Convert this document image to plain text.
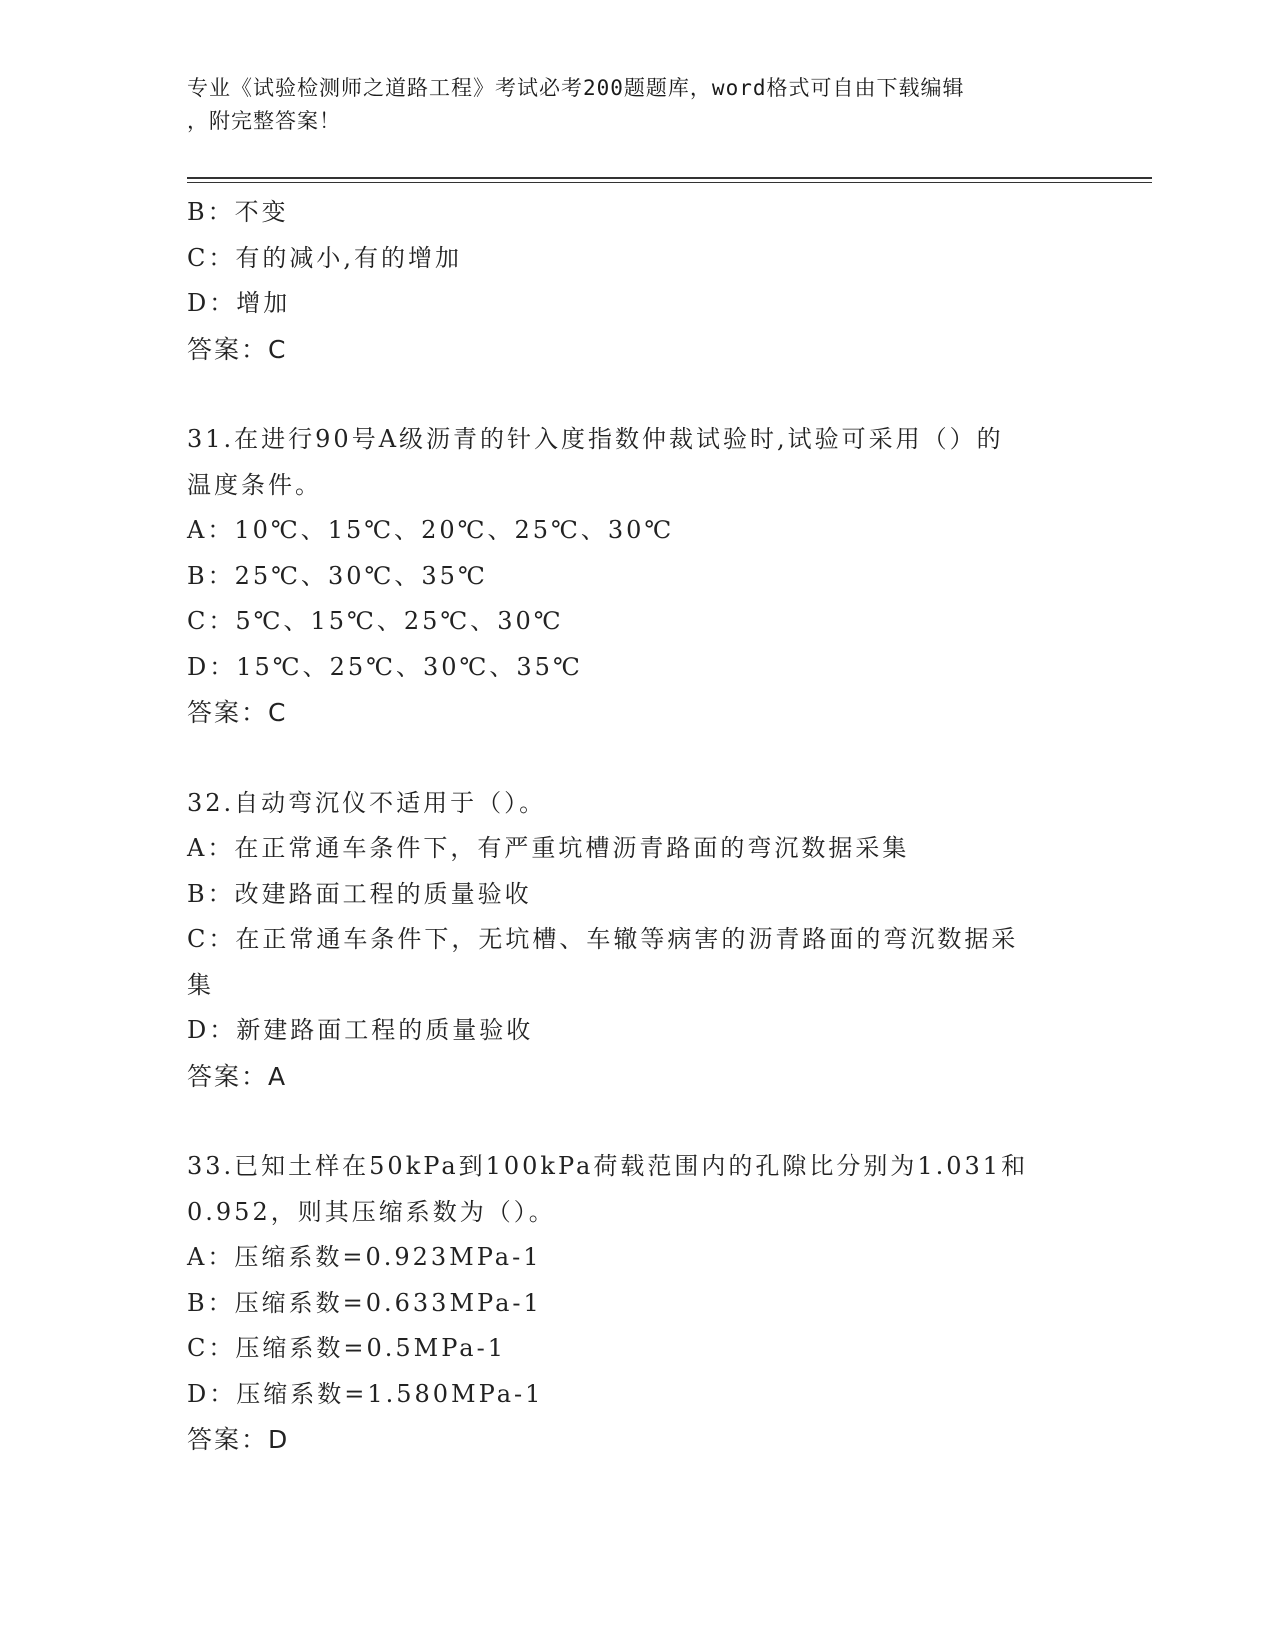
专业《试验检测师之道路工程》考试必考200题题库，word格式可自由下载编辑
，附完整答案！
B：不变
C：有的减小,有的增加
D：增加
答案：C
31.在进行90号A级沥青的针入度指数仲裁试验时,试验可采用（）的
温度条件。
A：10℃、15℃、20℃、25℃、30℃
B：25℃、30℃、35℃
C：5℃、15℃、25℃、30℃
D：15℃、25℃、30℃、35℃
答案：C
32.自动弯沉仪不适用于（）。
A：在正常通车条件下，有严重坑槽沥青路面的弯沉数据采集
B：改建路面工程的质量验收
C：在正常通车条件下，无坑槽、车辙等病害的沥青路面的弯沉数据采
集
D：新建路面工程的质量验收
答案：A
33.已知土样在50kPa到100kPa荷载范围内的孔隙比分别为1.031和
0.952，则其压缩系数为（）。
A：压缩系数=0.923MPa-1
B：压缩系数=0.633MPa-1
C：压缩系数=0.5MPa-1
D：压缩系数=1.580MPa-1
答案：D
